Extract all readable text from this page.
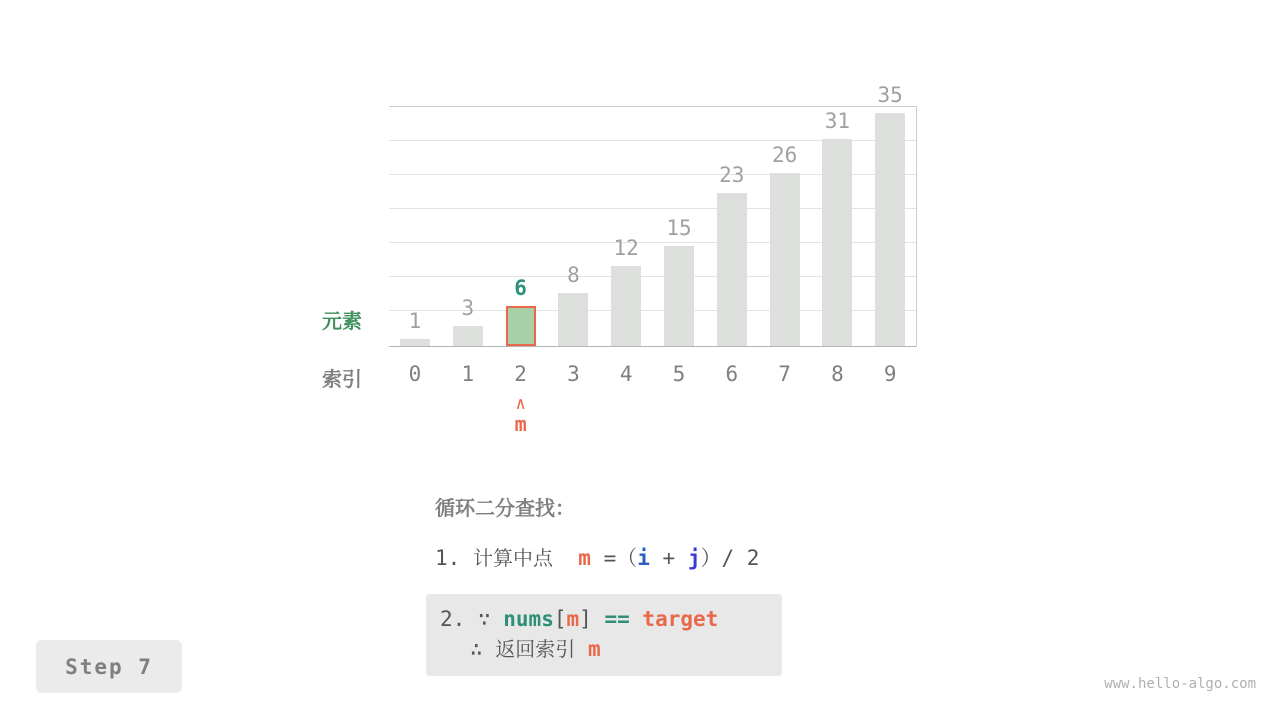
1
3
6
8
12
15
23
26
31
35
元素
索引	0	1	2	3	4	5	6	7	8	9
∧
m
循环二分查找：
1. 计算中点 m =（i + j）/ 2
2. ∵ nums[m] == target
∴ 返回索引 m
Step 7
www.hello-algo.com
